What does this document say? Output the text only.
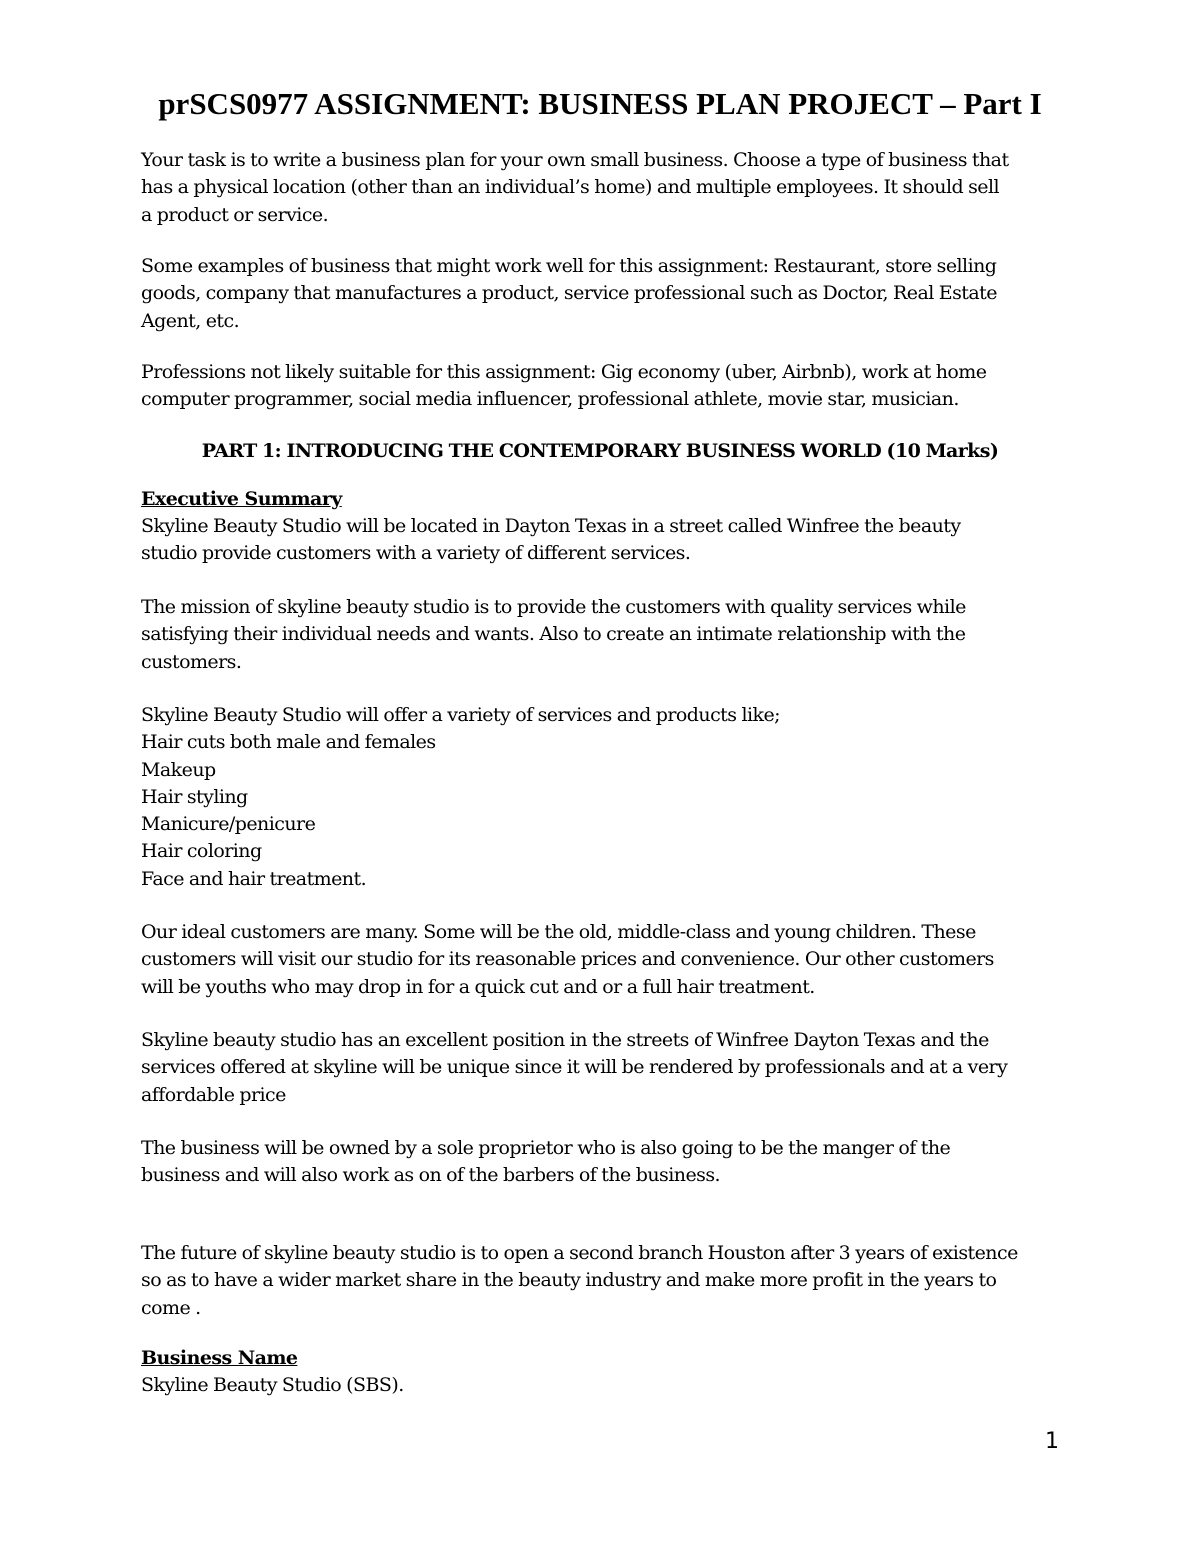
prSCS0977 ASSIGNMENT: BUSINESS PLAN PROJECT – Part I

Your task is to write a business plan for your own small business. Choose a type of business that
has a physical location (other than an individual’s home) and multiple employees. It should sell
a product or service.

Some examples of business that might work well for this assignment: Restaurant, store selling
goods, company that manufactures a product, service professional such as Doctor, Real Estate
Agent, etc.

Professions not likely suitable for this assignment: Gig economy (uber, Airbnb), work at home
computer programmer, social media influencer, professional athlete, movie star, musician.

PART 1: INTRODUCING THE CONTEMPORARY BUSINESS WORLD (10 Marks)
Executive Summary

Skyline Beauty Studio will be located in Dayton Texas in a street called Winfree the beauty
studio provide customers with a variety of different services.

The mission of skyline beauty studio is to provide the customers with quality services while
satisfying their individual needs and wants. Also to create an intimate relationship with the
customers.

Skyline Beauty Studio will offer a variety of services and products like;
Hair cuts both male and females
Makeup
Hair styling
Manicure/penicure
Hair coloring
Face and hair treatment.

Our ideal customers are many. Some will be the old, middle-class and young children. These
customers will visit our studio for its reasonable prices and convenience. Our other customers
will be youths who may drop in for a quick cut and or a full hair treatment.

Skyline beauty studio has an excellent position in the streets of Winfree Dayton Texas and the
services offered at skyline will be unique since it will be rendered by professionals and at a very
affordable price

The business will be owned by a sole proprietor who is also going to be the manger of the
business and will also work as on of the barbers of the business.

The future of skyline beauty studio is to open a second branch Houston after 3 years of existence
so as to have a wider market share in the beauty industry and make more profit in the years to
come .

Business Name

Skyline Beauty Studio (SBS).

1
